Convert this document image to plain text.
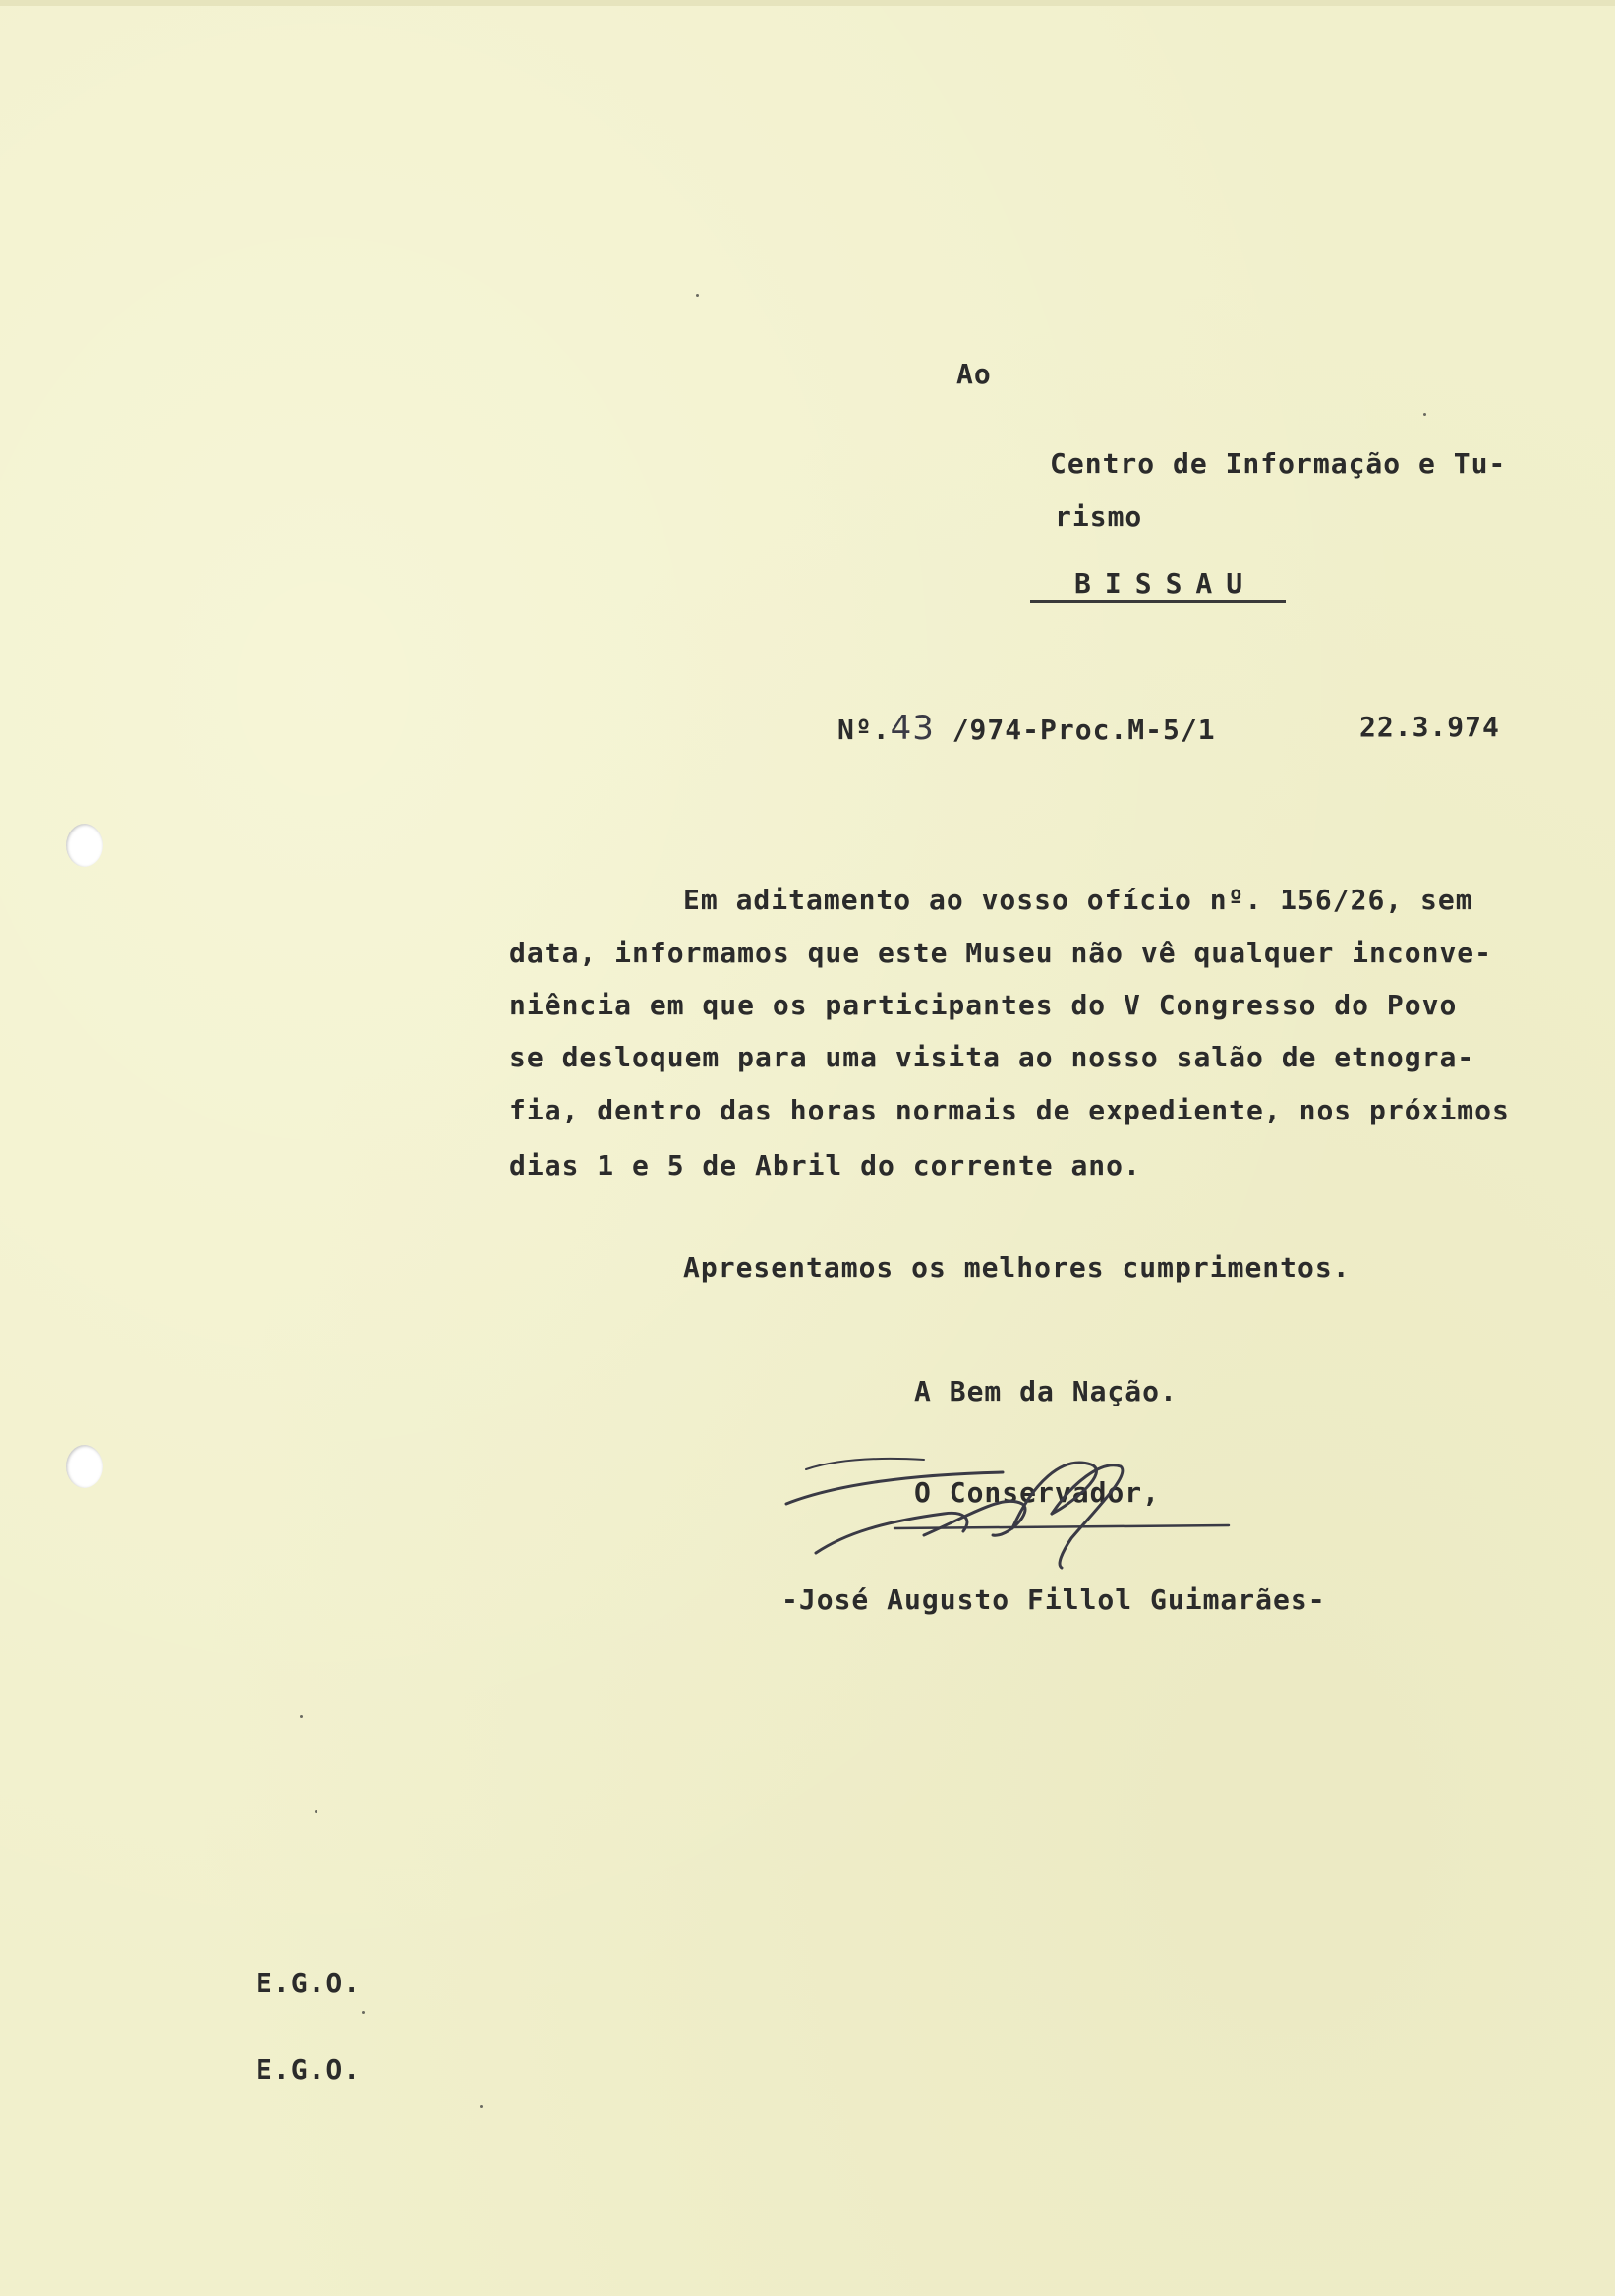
Ao
Centro de Informação e Tu-
rismo
BISSAU
Nº.43 /974-Proc.M-5/1	22.3.974
Em aditamento ao vosso ofício nº. 156/26, sem
data, informamos que este Museu não vê qualquer inconve-
niência em que os participantes do V Congresso do Povo
se desloquem para uma visita ao nosso salão de etnogra-
fia, dentro das horas normais de expediente, nos próximos
dias 1 e 5 de Abril do corrente ano.
Apresentamos os melhores cumprimentos.
A Bem da Nação.
O Conservador,
-José Augusto Fillol Guimarães-
E.G.O.
E.G.O.
